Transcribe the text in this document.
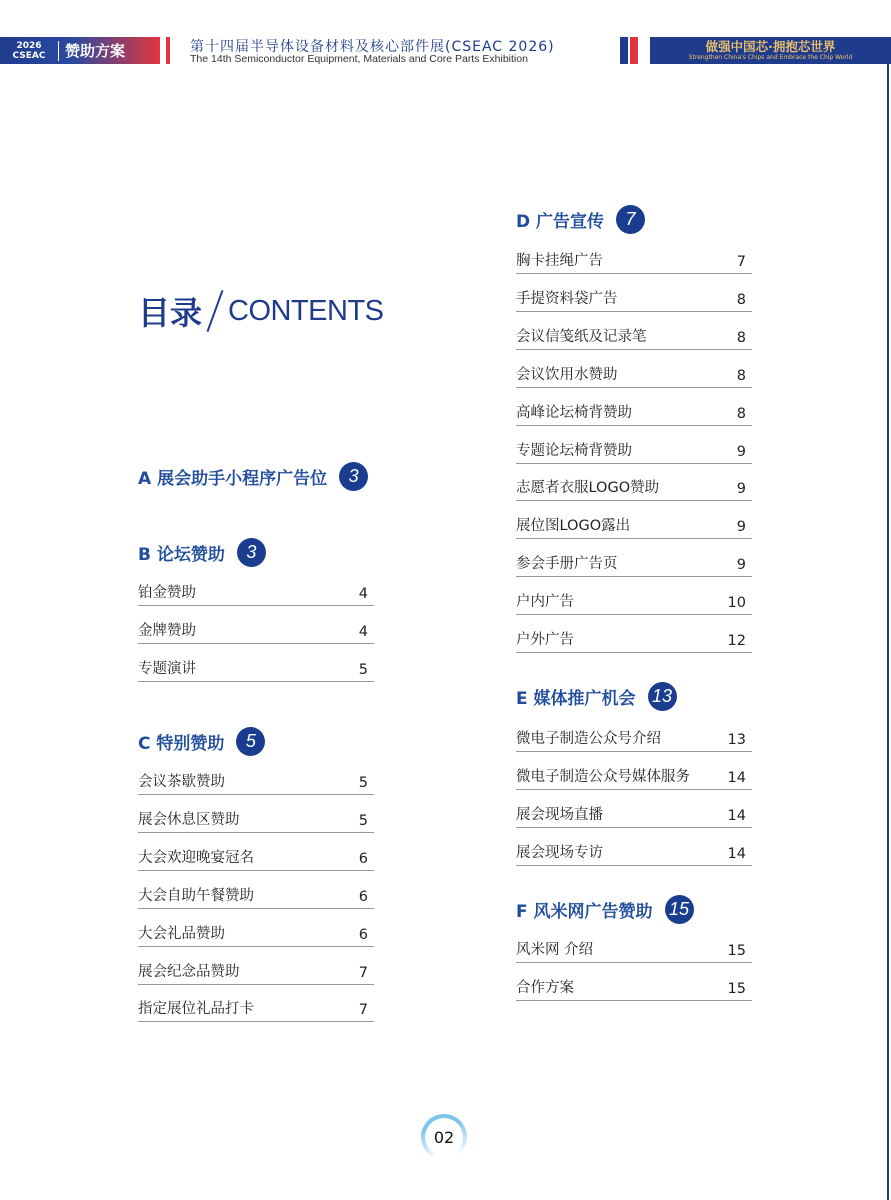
2026
CSEAC	赞助方案	第十四届半导体设备材料及核心部件展(CSEAC 2026)
The 14th Semiconductor Equipment, Materials and Core Parts Exhibition
做强中国芯·拥抱芯世界
Strengthen China's Chips and Embrace the Chip World
目录 CONTENTS
A 展会助手小程序广告位	3
B 论坛赞助	3
铂金赞助	4
金牌赞助	4
专题演讲	5
C 特别赞助	5
会议茶歇赞助	5
展会休息区赞助	5
大会欢迎晚宴冠名	6
大会自助午餐赞助	6
大会礼品赞助	6
展会纪念品赞助	7
指定展位礼品打卡	7
D 广告宣传	7
胸卡挂绳广告	7
手提资料袋广告	8
会议信笺纸及记录笔	8
会议饮用水赞助	8
高峰论坛椅背赞助	8
专题论坛椅背赞助	9
志愿者衣服LOGO赞助	9
展位图LOGO露出	9
参会手册广告页	9
户内广告	10
户外广告	12
E 媒体推广机会 13
微电子制造公众号介绍	13
微电子制造公众号媒体服务	14
展会现场直播	14
展会现场专访	14
F 风米网广告赞助 15
风米网 介绍	15
合作方案	15
02
